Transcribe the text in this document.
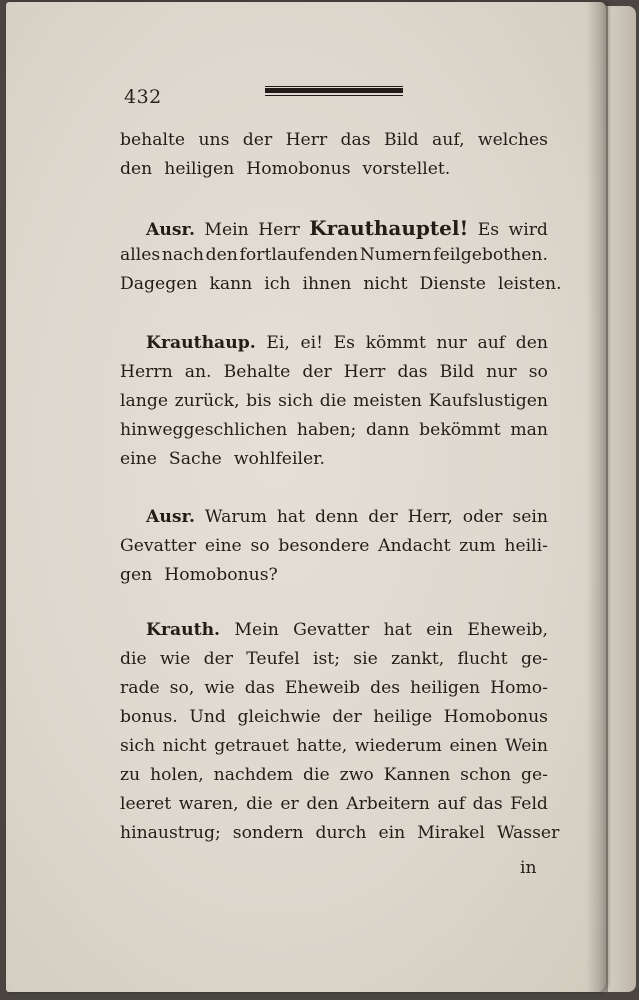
432
behalte uns der Herr das Bild auf, welches
den heiligen Homobonus vorstellet.
Ausr. Mein Herr Krauthauptel! Es wird
alles nach den fortlaufenden Numern feilgebothen.
Dagegen kann ich ihnen nicht Dienste leisten.
Krauthaup. Ei, ei! Es kömmt nur auf den
Herrn an. Behalte der Herr das Bild nur so
lange zurück, bis sich die meisten Kaufslustigen
hinweggeschlichen haben; dann bekömmt man
eine Sache wohlfeiler.
Ausr. Warum hat denn der Herr, oder sein
Gevatter eine so besondere Andacht zum heili-
gen Homobonus?
Krauth. Mein Gevatter hat ein Eheweib,
die wie der Teufel ist; sie zankt, flucht ge-
rade so, wie das Eheweib des heiligen Homo-
bonus. Und gleichwie der heilige Homobonus
sich nicht getrauet hatte, wiederum einen Wein
zu holen, nachdem die zwo Kannen schon ge-
leeret waren, die er den Arbeitern auf das Feld
hinaustrug; sondern durch ein Mirakel Wasser
in
